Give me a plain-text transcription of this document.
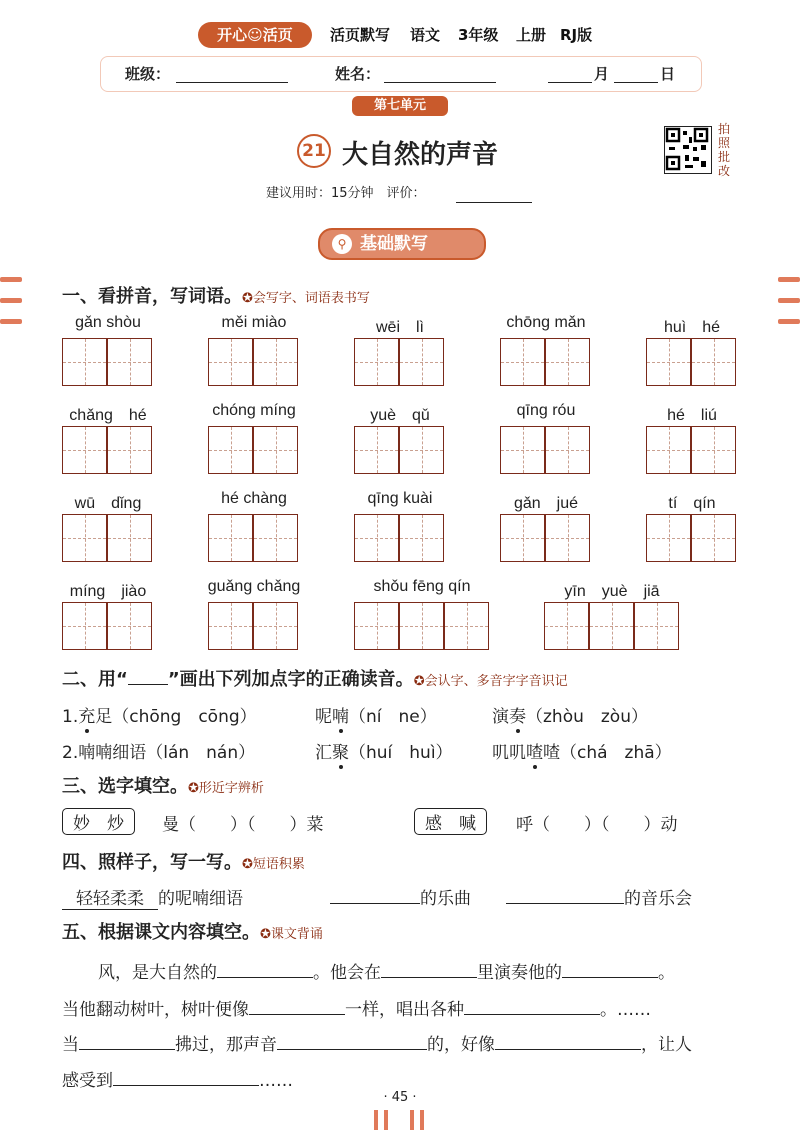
开心☺活页	活页默写 语文 3年级 上册 RJ版
班级：	姓名：	月	日
第七单元
21 大自然的声音
拍照批改
建议用时：15分钟　评价：
⚲ 基础默写
一、看拼音，写词语。✪会写字、词语表书写
gǎn shòu	měi miào	wēi　lì	chōng mǎn	huì　hé
chǎng　hé	chóng míng	yuè　qǔ	qīng róu	hé　liú
wū　dǐng	hé chàng	qīng kuài	gǎn　jué	tí　qín
míng　jiào	guǎng chǎng	shǒu fēng qín	yīn　yuè　jiā
二、用“ ”画出下列加点字的正确读音。✪会认字、多音字字音识记
1.充足（chōng　cōng）	呢喃（ní　ne）	演奏（zhòu　zòu）
2.喃喃细语（lán　nán）	汇聚（huí　huì） 叽叽喳喳（chá　zhā）
三、选字填空。✪形近字辨析
妙　炒	曼（　　）（　　）菜	感　喊	呼（　　）（　　）动
四、照样子，写一写。✪短语积累
轻轻柔柔 的呢喃细语	的乐曲	的音乐会
五、根据课文内容填空。✪课文背诵
风，是大自然的	。他会在	里演奏他的	。
当他翻动树叶，树叶便像	一样，唱出各种	。……
当	拂过，那声音	的，好像	，让人
感受到	……
· 45 ·
